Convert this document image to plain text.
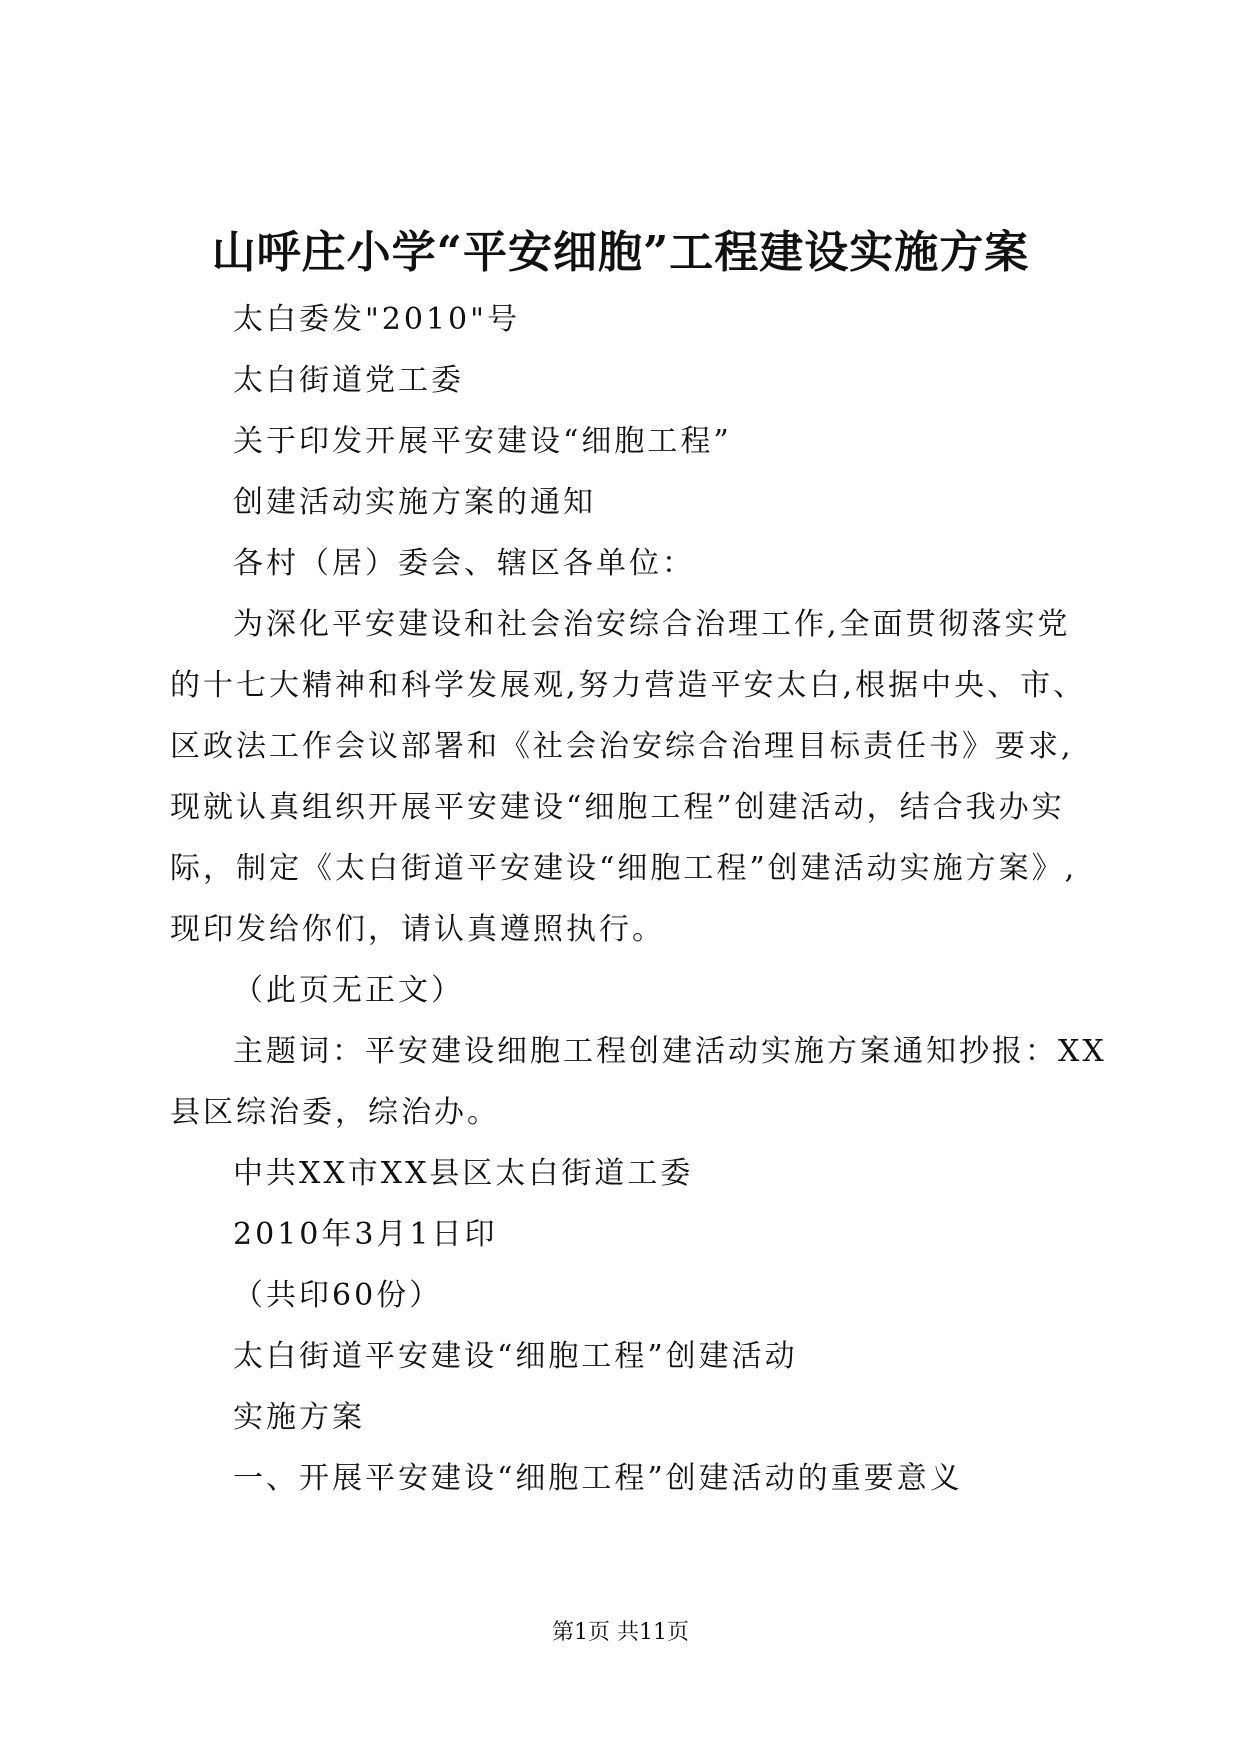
山呼庄小学“平安细胞”工程建设实施方案
太白委发"2010"号
太白街道党工委
关于印发开展平安建设“细胞工程”
创建活动实施方案的通知
各村（居）委会、辖区各单位：
为深化平安建设和社会治安综合治理工作,全面贯彻落实党
的十七大精神和科学发展观,努力营造平安太白,根据中央、市、
区政法工作会议部署和《社会治安综合治理目标责任书》要求,
现就认真组织开展平安建设“细胞工程”创建活动，结合我办实
际，制定《太白街道平安建设“细胞工程”创建活动实施方案》,
现印发给你们，请认真遵照执行。
（此页无正文）
主题词：平安建设细胞工程创建活动实施方案通知抄报：XX
县区综治委，综治办。
中共XX市XX县区太白街道工委
2010年3月1日印
（共印60份）
太白街道平安建设“细胞工程”创建活动
实施方案
一、开展平安建设“细胞工程”创建活动的重要意义
第1页 共11页
